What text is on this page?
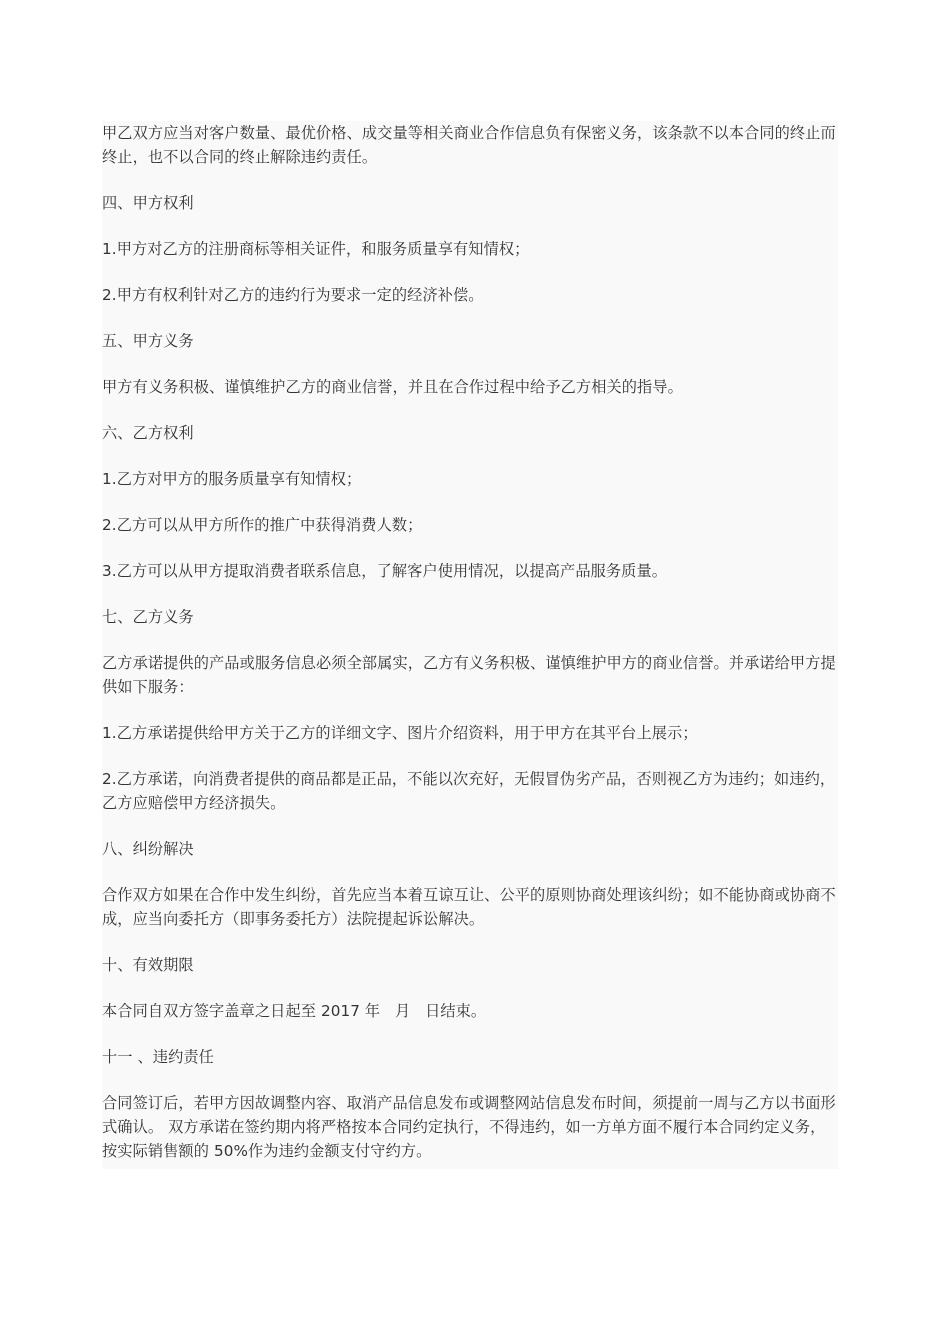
甲乙双方应当对客户数量、最优价格、成交量等相关商业合作信息负有保密义务，该条款不以本合同的终止而终止，也不以合同的终止解除违约责任。

四、甲方权利

1.甲方对乙方的注册商标等相关证件，和服务质量享有知情权；

2.甲方有权利针对乙方的违约行为要求一定的经济补偿。

五、甲方义务

甲方有义务积极、谨慎维护乙方的商业信誉，并且在合作过程中给予乙方相关的指导。

六、乙方权利

1.乙方对甲方的服务质量享有知情权；

2.乙方可以从甲方所作的推广中获得消费人数；

3.乙方可以从甲方提取消费者联系信息，了解客户使用情况，以提高产品服务质量。

七、乙方义务

乙方承诺提供的产品或服务信息必须全部属实，乙方有义务积极、谨慎维护甲方的商业信誉。并承诺给甲方提供如下服务：

1.乙方承诺提供给甲方关于乙方的详细文字、图片介绍资料，用于甲方在其平台上展示；

2.乙方承诺，向消费者提供的商品都是正品，不能以次充好，无假冒伪劣产品，否则视乙方为违约；如违约，乙方应赔偿甲方经济损失。

八、纠纷解决

合作双方如果在合作中发生纠纷，首先应当本着互谅互让、公平的原则协商处理该纠纷；如不能协商或协商不成，应当向委托方（即事务委托方）法院提起诉讼解决。

十、有效期限

本合同自双方签字盖章之日起至 2017 年   月   日结束。

十一 、违约责任

合同签订后，若甲方因故调整内容、取消产品信息发布或调整网站信息发布时间，须提前一周与乙方以书面形式确认。 双方承诺在签约期内将严格按本合同约定执行，不得违约，如一方单方面不履行本合同约定义务，按实际销售额的 50%作为违约金额支付守约方。
